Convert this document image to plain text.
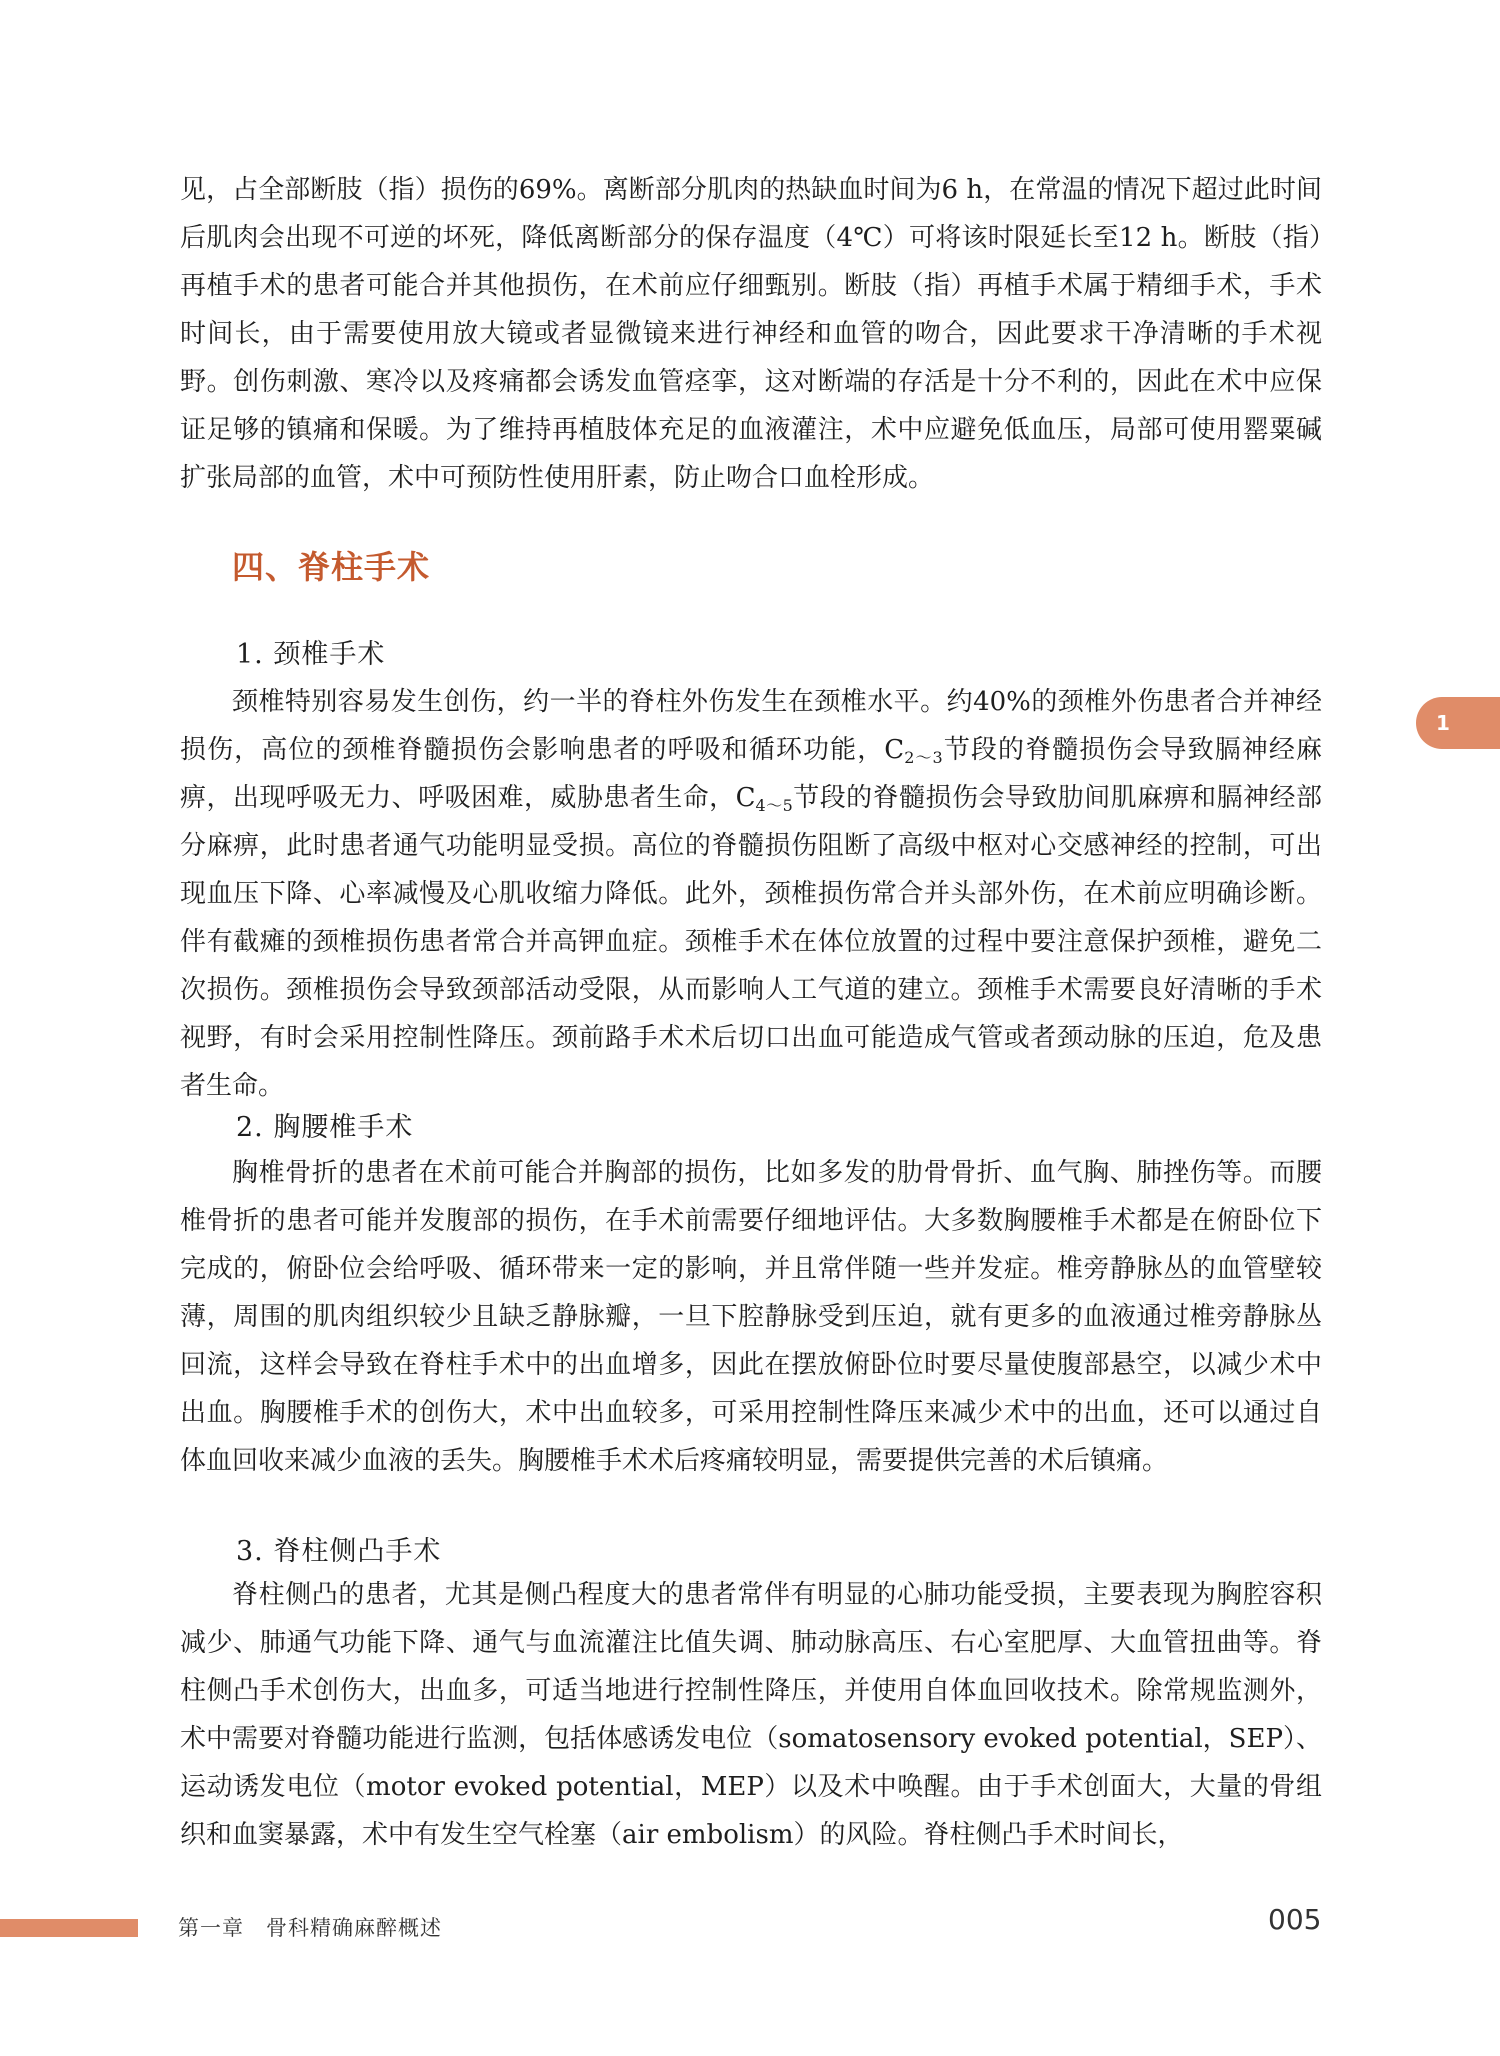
见，占全部断肢（指）损伤的69%。离断部分肌肉的热缺血时间为6 h，在常温的情况下超过此时间后肌肉会出现不可逆的坏死，降低离断部分的保存温度（4℃）可将该时限延长至12 h。断肢（指）再植手术的患者可能合并其他损伤，在术前应仔细甄别。断肢（指）再植手术属于精细手术，手术时间长，由于需要使用放大镜或者显微镜来进行神经和血管的吻合，因此要求干净清晰的手术视野。创伤刺激、寒冷以及疼痛都会诱发血管痉挛，这对断端的存活是十分不利的，因此在术中应保证足够的镇痛和保暖。为了维持再植肢体充足的血液灌注，术中应避免低血压，局部可使用罂粟碱扩张局部的血管，术中可预防性使用肝素，防止吻合口血栓形成。

四、脊柱手术

1. 颈椎手术

颈椎特别容易发生创伤，约一半的脊柱外伤发生在颈椎水平。约40%的颈椎外伤患者合并神经损伤，高位的颈椎脊髓损伤会影响患者的呼吸和循环功能，$C_{2\sim 3}$节段的脊髓损伤会导致膈神经麻痹，出现呼吸无力、呼吸困难，威胁患者生命，$C_{4\sim 5}$节段的脊髓损伤会导致肋间肌麻痹和膈神经部分麻痹，此时患者通气功能明显受损。高位的脊髓损伤阻断了高级中枢对心交感神经的控制，可出现血压下降、心率减慢及心肌收缩力降低。此外，颈椎损伤常合并头部外伤，在术前应明确诊断。伴有截瘫的颈椎损伤患者常合并高钾血症。颈椎手术在体位放置的过程中要注意保护颈椎，避免二次损伤。颈椎损伤会导致颈部活动受限，从而影响人工气道的建立。颈椎手术需要良好清晰的手术视野，有时会采用控制性降压。颈前路手术术后切口出血可能造成气管或者颈动脉的压迫，危及患者生命。

2. 胸腰椎手术

胸椎骨折的患者在术前可能合并胸部的损伤，比如多发的肋骨骨折、血气胸、肺挫伤等。而腰椎骨折的患者可能并发腹部的损伤，在手术前需要仔细地评估。大多数胸腰椎手术都是在俯卧位下完成的，俯卧位会给呼吸、循环带来一定的影响，并且常伴随一些并发症。椎旁静脉丛的血管壁较薄，周围的肌肉组织较少且缺乏静脉瓣，一旦下腔静脉受到压迫，就有更多的血液通过椎旁静脉丛回流，这样会导致在脊柱手术中的出血增多，因此在摆放俯卧位时要尽量使腹部悬空，以减少术中出血。胸腰椎手术的创伤大，术中出血较多，可采用控制性降压来减少术中的出血，还可以通过自体血回收来减少血液的丢失。胸腰椎手术术后疼痛较明显，需要提供完善的术后镇痛。

3. 脊柱侧凸手术

脊柱侧凸的患者，尤其是侧凸程度大的患者常伴有明显的心肺功能受损，主要表现为胸腔容积减少、肺通气功能下降、通气与血流灌注比值失调、肺动脉高压、右心室肥厚、大血管扭曲等。脊柱侧凸手术创伤大，出血多，可适当地进行控制性降压，并使用自体血回收技术。除常规监测外，术中需要对脊髓功能进行监测，包括体感诱发电位（somatosensory evoked potential，SEP）、运动诱发电位（motor evoked potential，MEP）以及术中唤醒。由于手术创面大，大量的骨组织和血窦暴露，术中有发生空气栓塞（air embolism）的风险。脊柱侧凸手术时间长，

1
第一章　骨科精确麻醉概述	005
